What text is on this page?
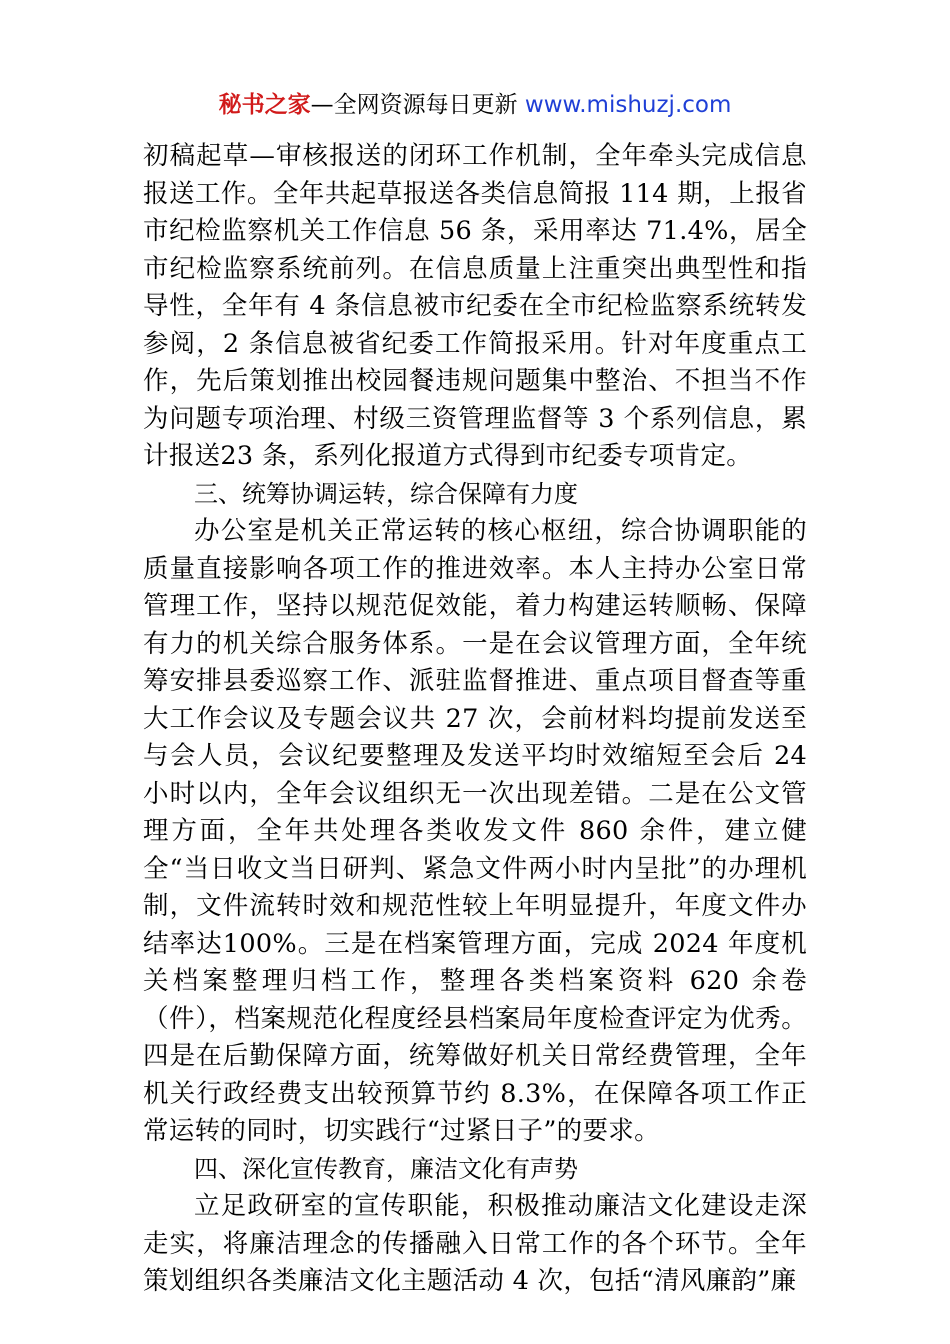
秘书之家—全网资源每日更新 www.mishuzj.com

初稿起草—审核报送的闭环工作机制，全年牵头完成信息报送工作。全年共起草报送各类信息简报 114 期，上报省市纪检监察机关工作信息 56 条，采用率达 71.4%，居全市纪检监察系统前列。在信息质量上注重突出典型性和指导性，全年有 4 条信息被市纪委在全市纪检监察系统转发参阅，2 条信息被省纪委工作简报采用。针对年度重点工作，先后策划推出校园餐违规问题集中整治、不担当不作为问题专项治理、村级三资管理监督等 3 个系列信息，累计报送23 条，系列化报道方式得到市纪委专项肯定。

三、统筹协调运转，综合保障有力度

办公室是机关正常运转的核心枢纽，综合协调职能的质量直接影响各项工作的推进效率。本人主持办公室日常管理工作，坚持以规范促效能，着力构建运转顺畅、保障有力的机关综合服务体系。一是在会议管理方面，全年统筹安排县委巡察工作、派驻监督推进、重点项目督查等重大工作会议及专题会议共 27 次，会前材料均提前发送至与会人员，会议纪要整理及发送平均时效缩短至会后 24 小时以内，全年会议组织无一次出现差错。二是在公文管理方面，全年共处理各类收发文件 860 余件，建立健全“当日收文当日研判、紧急文件两小时内呈批”的办理机制，文件流转时效和规范性较上年明显提升，年度文件办结率达100%。三是在档案管理方面，完成 2024 年度机关档案整理归档工作，整理各类档案资料 620 余卷（件），档案规范化程度经县档案局年度检查评定为优秀。四是在后勤保障方面，统筹做好机关日常经费管理，全年机关行政经费支出较预算节约 8.3%，在保障各项工作正常运转的同时，切实践行“过紧日子”的要求。

四、深化宣传教育，廉洁文化有声势

立足政研室的宣传职能，积极推动廉洁文化建设走深走实，将廉洁理念的传播融入日常工作的各个环节。全年策划组织各类廉洁文化主题活动 4 次，包括“清风廉韵”廉
